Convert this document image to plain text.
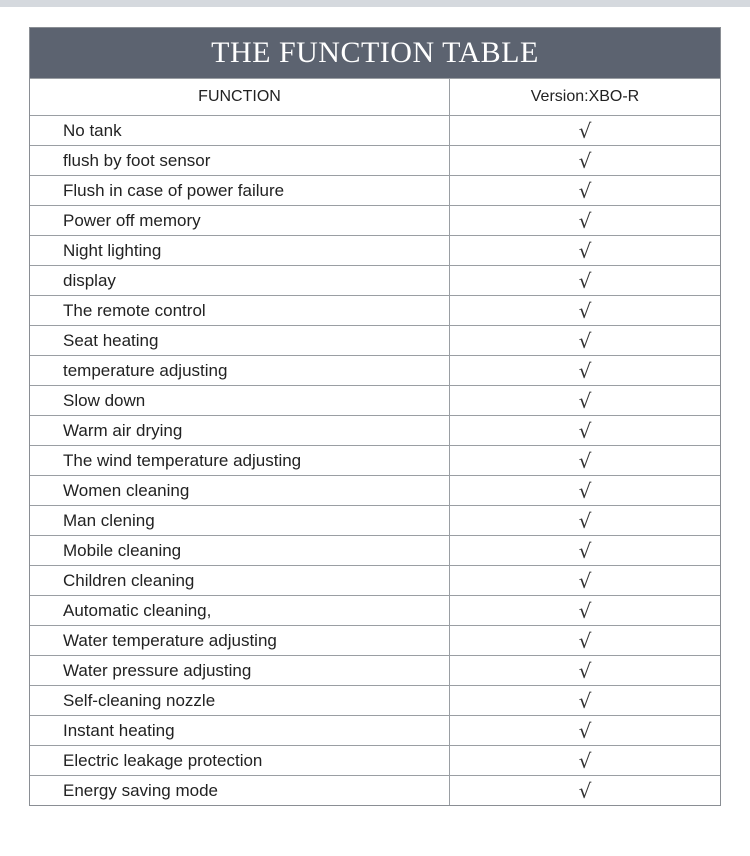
THE FUNCTION TABLE
FUNCTION	Version:XBO-R
No tank	√
flush by foot sensor	√
Flush in case of power failure	√
Power off memory	√
Night lighting	√
display	√
The remote control	√
Seat heating	√
temperature adjusting	√
Slow down	√
Warm air drying	√
The wind temperature adjusting	√
Women cleaning	√
Man clening	√
Mobile cleaning	√
Children cleaning	√
Automatic cleaning,	√
Water temperature adjusting	√
Water pressure adjusting	√
Self-cleaning nozzle	√
Instant heating	√
Electric leakage protection	√
Energy saving mode	√
